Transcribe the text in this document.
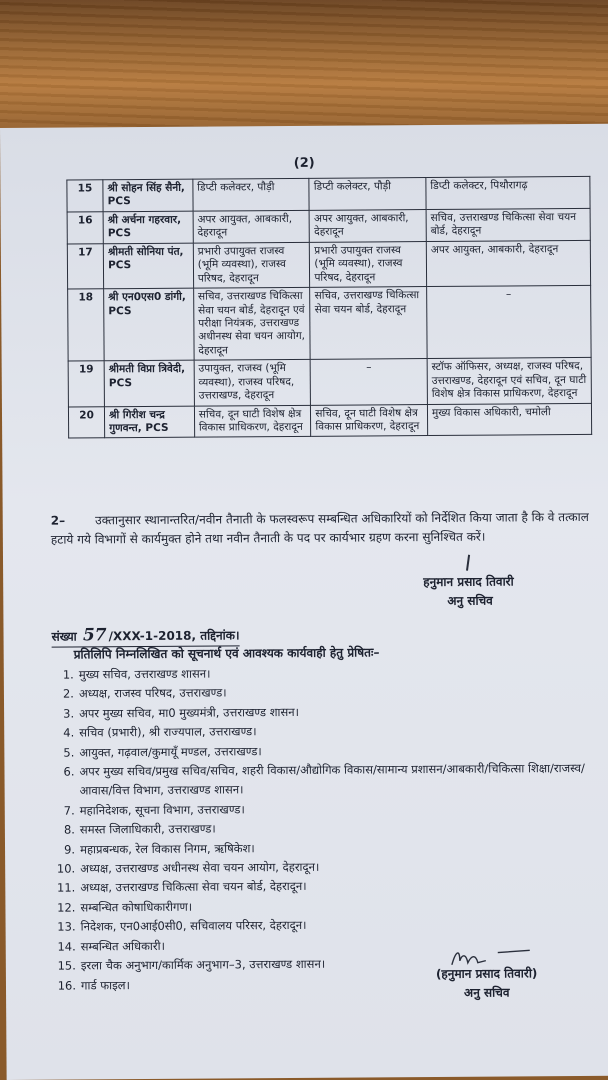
(2)
15	श्री सोहन सिंह सैनी, PCS	डिप्टी कलेक्टर, पौड़ी	डिप्टी कलेक्टर, पौड़ी	डिप्टी कलेक्टर, पिथौरागढ़
16	श्री अर्चना गहरवार, PCS	अपर आयुक्त, आबकारी, देहरादून	अपर आयुक्त, आबकारी, देहरादून	सचिव, उत्तराखण्ड चिकित्सा सेवा चयन बोर्ड, देहरादून
17	श्रीमती सोनिया पंत, PCS	प्रभारी उपायुक्त राजस्व (भूमि व्यवस्था), राजस्व परिषद, देहरादून	प्रभारी उपायुक्त राजस्व (भूमि व्यवस्था), राजस्व परिषद, देहरादून	अपर आयुक्त, आबकारी, देहरादून
18	श्री एन0एस0 डांगी, PCS	सचिव, उत्तराखण्ड चिकित्सा सेवा चयन बोर्ड, देहरादून एवं परीक्षा नियंत्रक, उत्तराखण्ड अधीनस्थ सेवा चयन आयोग, देहरादून	सचिव, उत्तराखण्ड चिकित्सा सेवा चयन बोर्ड, देहरादून	–
19	श्रीमती विप्रा त्रिवेदी, PCS	उपायुक्त, राजस्व (भूमि व्यवस्था), राजस्व परिषद, उत्तराखण्ड, देहरादून	–	स्टॉफ ऑफिसर, अध्यक्ष, राजस्व परिषद, उत्तराखण्ड, देहरादून एवं सचिव, दून घाटी विशेष क्षेत्र विकास प्राधिकरण, देहरादून
20	श्री गिरीश चन्द्र गुणवन्त, PCS	सचिव, दून घाटी विशेष क्षेत्र विकास प्राधिकरण, देहरादून	सचिव, दून घाटी विशेष क्षेत्र विकास प्राधिकरण, देहरादून	मुख्य विकास अधिकारी, चमोली
2– उक्तानुसार स्थानान्तरित/नवीन तैनाती के फलस्वरूप सम्बन्धित अधिकारियों को निर्देशित किया जाता है कि वे तत्काल हटाये गये विभागों से कार्यमुक्त होने तथा नवीन तैनाती के पद पर कार्यभार ग्रहण करना सुनिश्चित करें।
हनुमान प्रसाद तिवारी
अनु सचिव
संख्या 57 /XXX-1-2018, तद्दिनांक।
प्रतिलिपि निम्नलिखित को सूचनार्थ एवं आवश्यक कार्यवाही हेतु प्रेषितः–
1. मुख्य सचिव, उत्तराखण्ड शासन।
2. अध्यक्ष, राजस्व परिषद, उत्तराखण्ड।
3. अपर मुख्य सचिव, मा0 मुख्यमंत्री, उत्तराखण्ड शासन।
4. सचिव (प्रभारी), श्री राज्यपाल, उत्तराखण्ड।
5. आयुक्त, गढ़वाल/कुमायूँ मण्डल, उत्तराखण्ड।
6. अपर मुख्य सचिव/प्रमुख सचिव/सचिव, शहरी विकास/औद्योगिक विकास/सामान्य प्रशासन/आबकारी/चिकित्सा शिक्षा/राजस्व/आवास/वित्त विभाग, उत्तराखण्ड शासन।
7. महानिदेशक, सूचना विभाग, उत्तराखण्ड।
8. समस्त जिलाधिकारी, उत्तराखण्ड।
9. महाप्रबन्धक, रेल विकास निगम, ऋषिकेश।
10. अध्यक्ष, उत्तराखण्ड अधीनस्थ सेवा चयन आयोग, देहरादून।
11. अध्यक्ष, उत्तराखण्ड चिकित्सा सेवा चयन बोर्ड, देहरादून।
12. सम्बन्धित कोषाधिकारीगण।
13. निदेशक, एन0आई0सी0, सचिवालय परिसर, देहरादून।
14. सम्बन्धित अधिकारी।
15. इरला चैक अनुभाग/कार्मिक अनुभाग–3, उत्तराखण्ड शासन।
16. गार्ड फाइल।
(हनुमान प्रसाद तिवारी)
अनु सचिव
